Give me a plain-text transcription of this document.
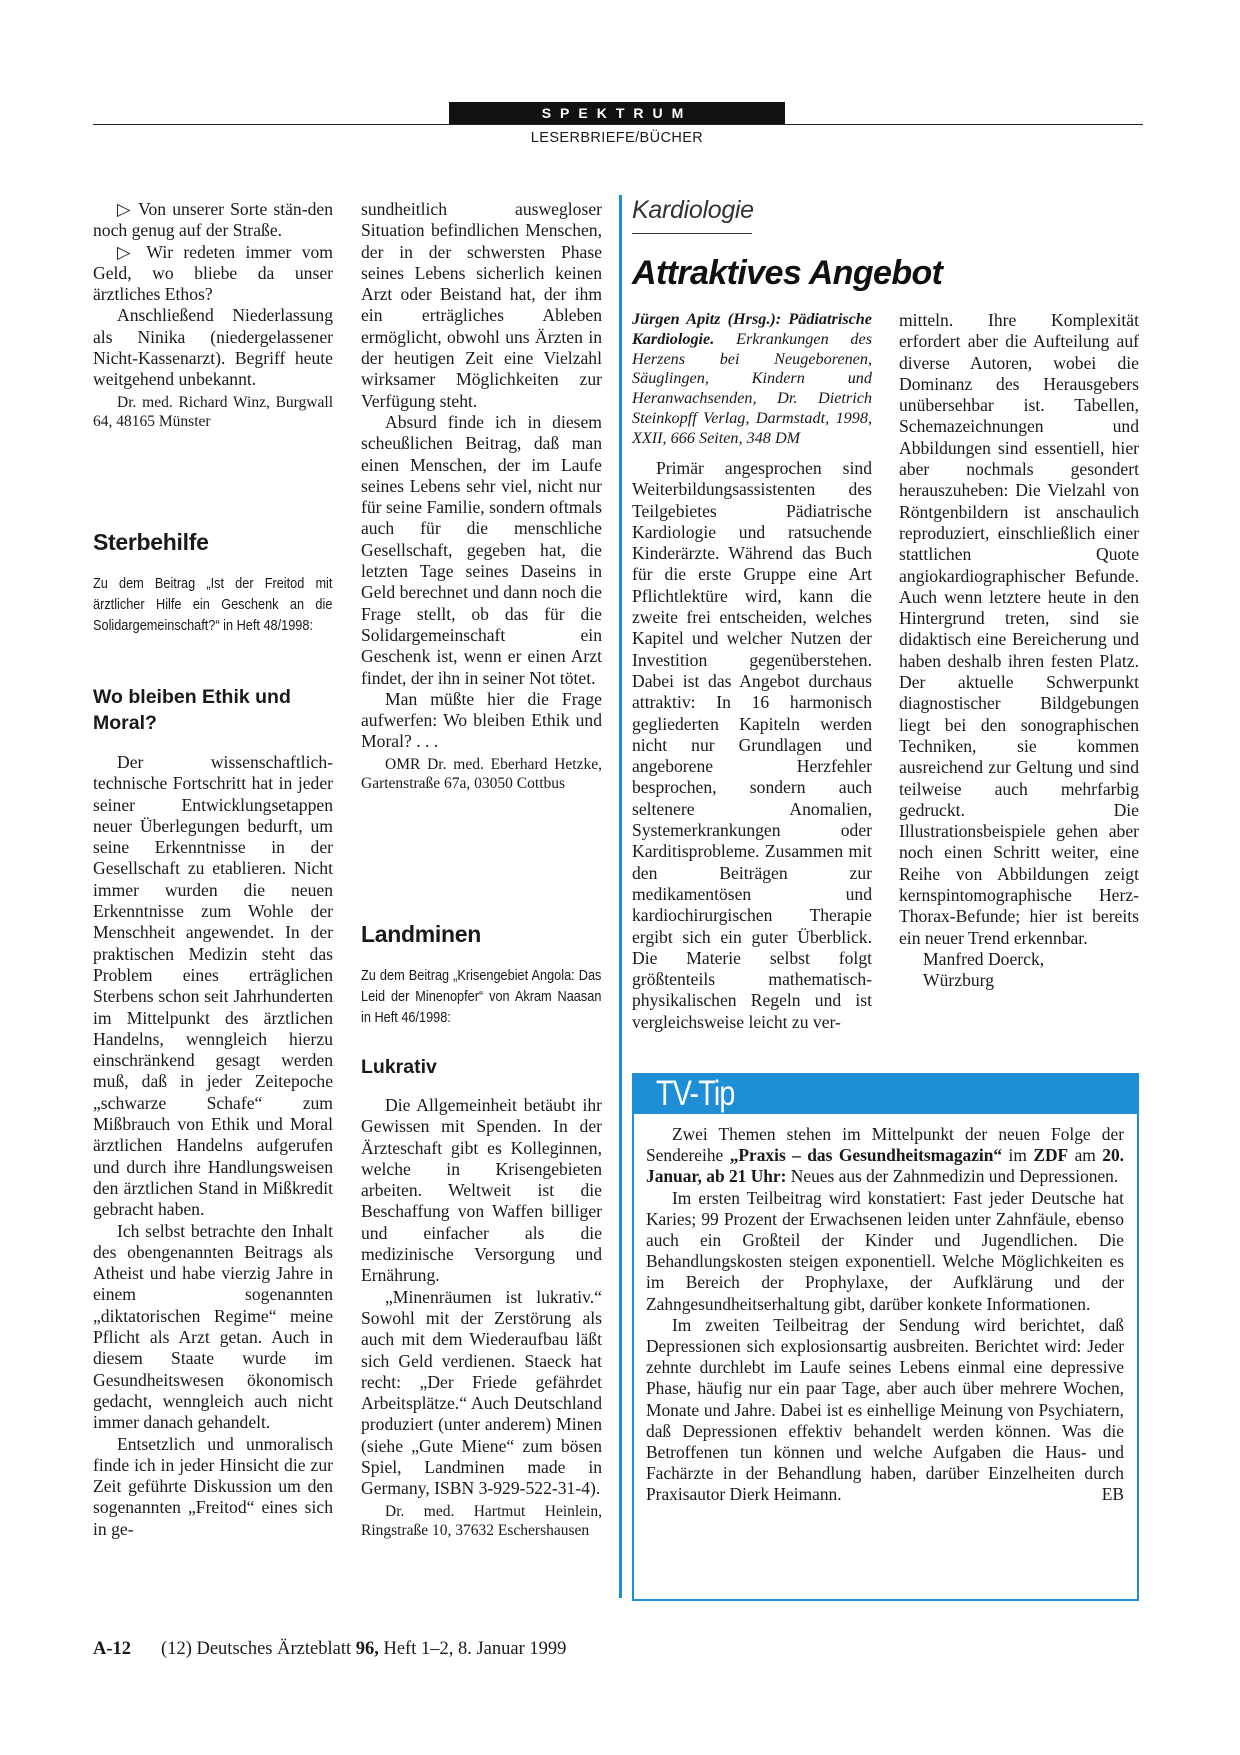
SPEKTRUM
LESERBRIEFE/BÜCHER

▷ Von unserer Sorte stän-den noch genug auf der Straße.

▷ Wir redeten immer vom Geld, wo bliebe da unser ärztliches Ethos?

Anschließend Niederlassung als Ninika (niedergelassener Nicht-Kassenarzt). Begriff heute weitgehend unbekannt.

Dr. med. Richard Winz, Burgwall 64, 48165 Münster

Sterbehilfe
Zu dem Beitrag „Ist der Freitod mit ärztlicher Hilfe ein Geschenk an die Solidargemeinschaft?“ in Heft 48/1998:
Wo bleiben Ethik und Moral?

Der wissenschaftlich-technische Fortschritt hat in jeder seiner Entwicklungsetappen neuer Überlegungen bedurft, um seine Erkenntnisse in der Gesellschaft zu etablieren. Nicht immer wurden die neuen Erkenntnisse zum Wohle der Menschheit angewendet. In der praktischen Medizin steht das Problem eines erträglichen Sterbens schon seit Jahrhunderten im Mittelpunkt des ärztlichen Handelns, wenngleich hierzu einschränkend gesagt werden muß, daß in jeder Zeitepoche „schwarze Schafe“ zum Mißbrauch von Ethik und Moral ärztlichen Handelns aufgerufen und durch ihre Handlungsweisen den ärztlichen Stand in Mißkredit gebracht haben.

Ich selbst betrachte den Inhalt des obengenannten Beitrags als Atheist und habe vierzig Jahre in einem sogenannten „diktatorischen Regime“ meine Pflicht als Arzt getan. Auch in diesem Staate wurde im Gesundheitswesen ökonomisch gedacht, wenngleich auch nicht immer danach gehandelt.

Entsetzlich und unmoralisch finde ich in jeder Hinsicht die zur Zeit geführte Diskussion um den sogenannten „Freitod“ eines sich in ge-

sundheitlich auswegloser Situation befindlichen Menschen, der in der schwersten Phase seines Lebens sicherlich keinen Arzt oder Beistand hat, der ihm ein erträgliches Ableben ermöglicht, obwohl uns Ärzten in der heutigen Zeit eine Vielzahl wirksamer Möglichkeiten zur Verfügung steht.

Absurd finde ich in diesem scheußlichen Beitrag, daß man einen Menschen, der im Laufe seines Lebens sehr viel, nicht nur für seine Familie, sondern oftmals auch für die menschliche Gesellschaft, gegeben hat, die letzten Tage seines Daseins in Geld berechnet und dann noch die Frage stellt, ob das für die Solidargemeinschaft ein Geschenk ist, wenn er einen Arzt findet, der ihn in seiner Not tötet.

Man müßte hier die Frage aufwerfen: Wo bleiben Ethik und Moral? . . .

OMR Dr. med. Eberhard Hetzke, Gartenstraße 67a, 03050 Cottbus

Landminen
Zu dem Beitrag „Krisengebiet Angola: Das Leid der Minenopfer“ von Akram Naasan in Heft 46/1998:
Lukrativ

Die Allgemeinheit betäubt ihr Gewissen mit Spenden. In der Ärzteschaft gibt es Kolleginnen, welche in Krisengebieten arbeiten. Weltweit ist die Beschaffung von Waffen billiger und einfacher als die medizinische Versorgung und Ernährung.

„Minenräumen ist lukrativ.“ Sowohl mit der Zerstörung als auch mit dem Wiederaufbau läßt sich Geld verdienen. Staeck hat recht: „Der Friede gefährdet Arbeitsplätze.“ Auch Deutschland produziert (unter anderem) Minen (siehe „Gute Miene“ zum bösen Spiel, Landminen made in Germany, ISBN 3-929-522-31-4).

Dr. med. Hartmut Heinlein, Ringstraße 10, 37632 Eschershausen

Kardiologie
Attraktives Angebot
Jürgen Apitz (Hrsg.): Pädiatrische Kardiologie. Erkrankungen des Herzens bei Neugeborenen, Säuglingen, Kindern und Heranwachsenden, Dr. Dietrich Steinkopff Verlag, Darmstadt, 1998, XXII, 666 Seiten, 348 DM

Primär angesprochen sind Weiterbildungsassistenten des Teilgebietes Pädiatrische Kardiologie und ratsuchende Kinderärzte. Während das Buch für die erste Gruppe eine Art Pflichtlektüre wird, kann die zweite frei entscheiden, welches Kapitel und welcher Nutzen der Investition gegenüberstehen. Dabei ist das Angebot durchaus attraktiv: In 16 harmonisch gegliederten Kapiteln werden nicht nur Grundlagen und angeborene Herzfehler besprochen, sondern auch seltenere Anomalien, Systemerkrankungen oder Karditisprobleme. Zusammen mit den Beiträgen zur medikamentösen und kardiochirurgischen Therapie ergibt sich ein guter Überblick. Die Materie selbst folgt größtenteils mathematisch-physikalischen Regeln und ist vergleichsweise leicht zu ver-

mitteln. Ihre Komplexität erfordert aber die Aufteilung auf diverse Autoren, wobei die Dominanz des Herausgebers unübersehbar ist. Tabellen, Schemazeichnungen und Abbildungen sind essentiell, hier aber nochmals gesondert herauszuheben: Die Vielzahl von Röntgenbildern ist anschaulich reproduziert, einschließlich einer stattlichen Quote angiokardiographischer Befunde. Auch wenn letztere heute in den Hintergrund treten, sind sie didaktisch eine Bereicherung und haben deshalb ihren festen Platz. Der aktuelle Schwerpunkt diagnostischer Bildgebungen liegt bei den sonographischen Techniken, sie kommen ausreichend zur Geltung und sind teilweise auch mehrfarbig gedruckt. Die Illustrationsbeispiele gehen aber noch einen Schritt weiter, eine Reihe von Abbildungen zeigt kernspintomographische Herz-Thorax-Befunde; hier ist bereits ein neuer Trend erkennbar.

Manfred Doerck,

Würzburg

TV-Tip

Zwei Themen stehen im Mittelpunkt der neuen Folge der Sendereihe „Praxis – das Gesundheitsmagazin“ im ZDF am 20. Januar, ab 21 Uhr: Neues aus der Zahnmedizin und Depressionen.

Im ersten Teilbeitrag wird konstatiert: Fast jeder Deutsche hat Karies; 99 Prozent der Erwachsenen leiden unter Zahnfäule, ebenso auch ein Großteil der Kinder und Jugendlichen. Die Behandlungskosten steigen exponentiell. Welche Möglichkeiten es im Bereich der Prophylaxe, der Aufklärung und der Zahngesundheitserhaltung gibt, darüber konkete Informationen.

Im zweiten Teilbeitrag der Sendung wird berichtet, daß Depressionen sich explosionsartig ausbreiten. Berichtet wird: Jeder zehnte durchlebt im Laufe seines Lebens einmal eine depressive Phase, häufig nur ein paar Tage, aber auch über mehrere Wochen, Monate und Jahre. Dabei ist es einhellige Meinung von Psychiatern, daß Depressionen effektiv behandelt werden können. Was die Betroffenen tun können und welche Aufgaben die Haus- und Fachärzte in der Behandlung haben, darüber Einzelheiten durch Praxisautor Dierk Heimann.	EB

A-12 (12) Deutsches Ärzteblatt 96, Heft 1–2, 8. Januar 1999
